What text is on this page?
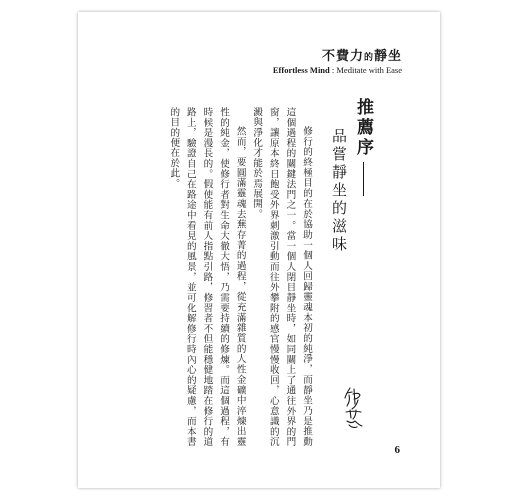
不費力的靜坐
Effortless Mind : Meditate with Ease
推薦序
品嘗靜坐的滋味

修行的終極目的在於協助一個人回歸靈魂本初的純淨，而靜坐乃是推動這個過程的關鍵法門之一。當一個人閉目靜坐時，如同關上了通往外界的門窗，讓原本終日飽受外界刺激引動而往外攀附的感官慢慢收回，心意識的沉澱與淨化才能於焉展開。

然而，要圓滿靈魂去蕪存菁的過程，從充滿雜質的人性金礦中淬煉出靈性的純金，使修行者對生命大徹大悟，乃需要持續的修煉。而這個過程，有時候是漫長的。假使能有前人指點引路，修習者不但能穩健地踏在修行的道路上，驗證自己在路途中看見的風景，並可化解修行時內心的疑慮，而本書的目的便在於此。

6
